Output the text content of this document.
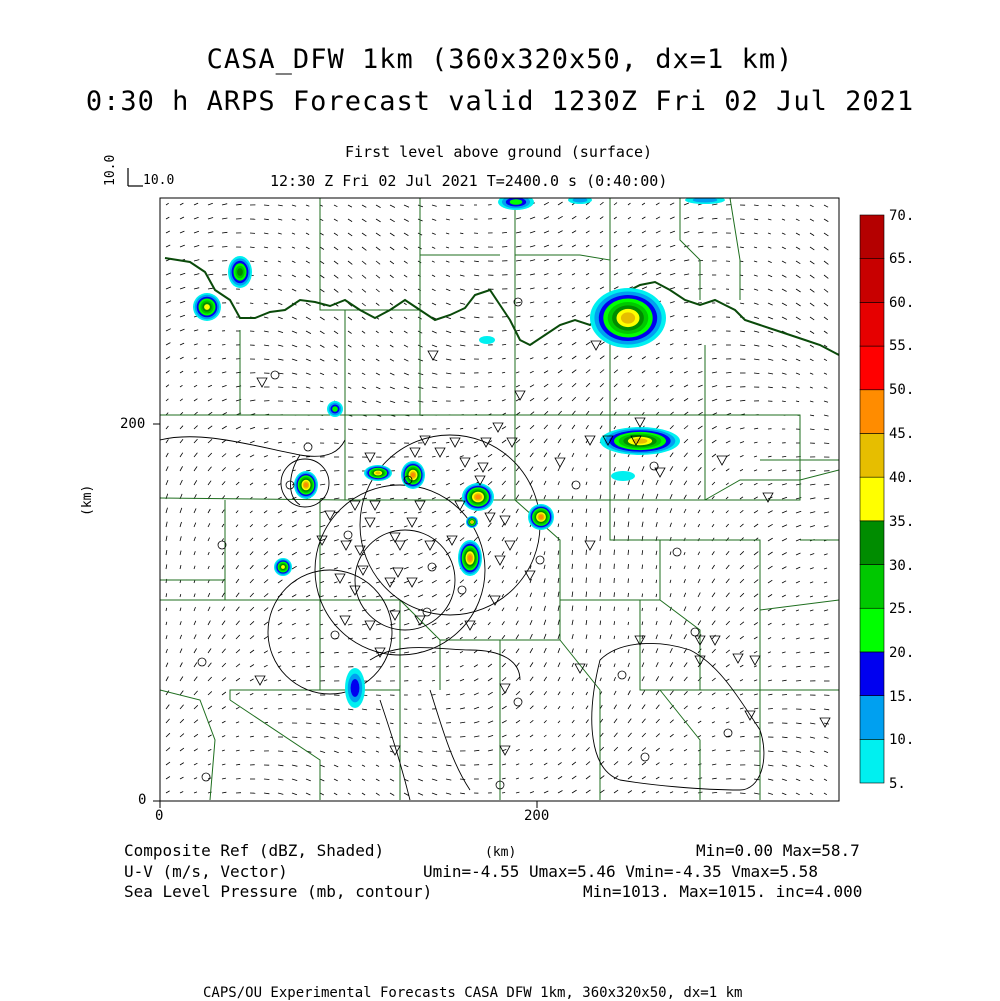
CASA_DFW 1km (360x320x50, dx=1 km)
0:30 h ARPS Forecast valid 1230Z Fri 02 Jul 2021
First level above ground (surface)
12:30 Z Fri 02 Jul 2021 T=2400.0 s (0:40:00)
10.0 10.0
200
0
0	200
(km)
(km)
5.
10.
15.
20.
25.
30.
35.
40.
45.
50.
55.
60.
65.
70.
Composite Ref (dBZ, Shaded)	Min=0.00 Max=58.7
U-V (m/s, Vector)	Umin=-4.55 Umax=5.46 Vmin=-4.35 Vmax=5.58
Sea Level Pressure (mb, contour)	Min=1013. Max=1015. inc=4.000
CAPS/OU Experimental Forecasts CASA DFW 1km, 360x320x50, dx=1 km
